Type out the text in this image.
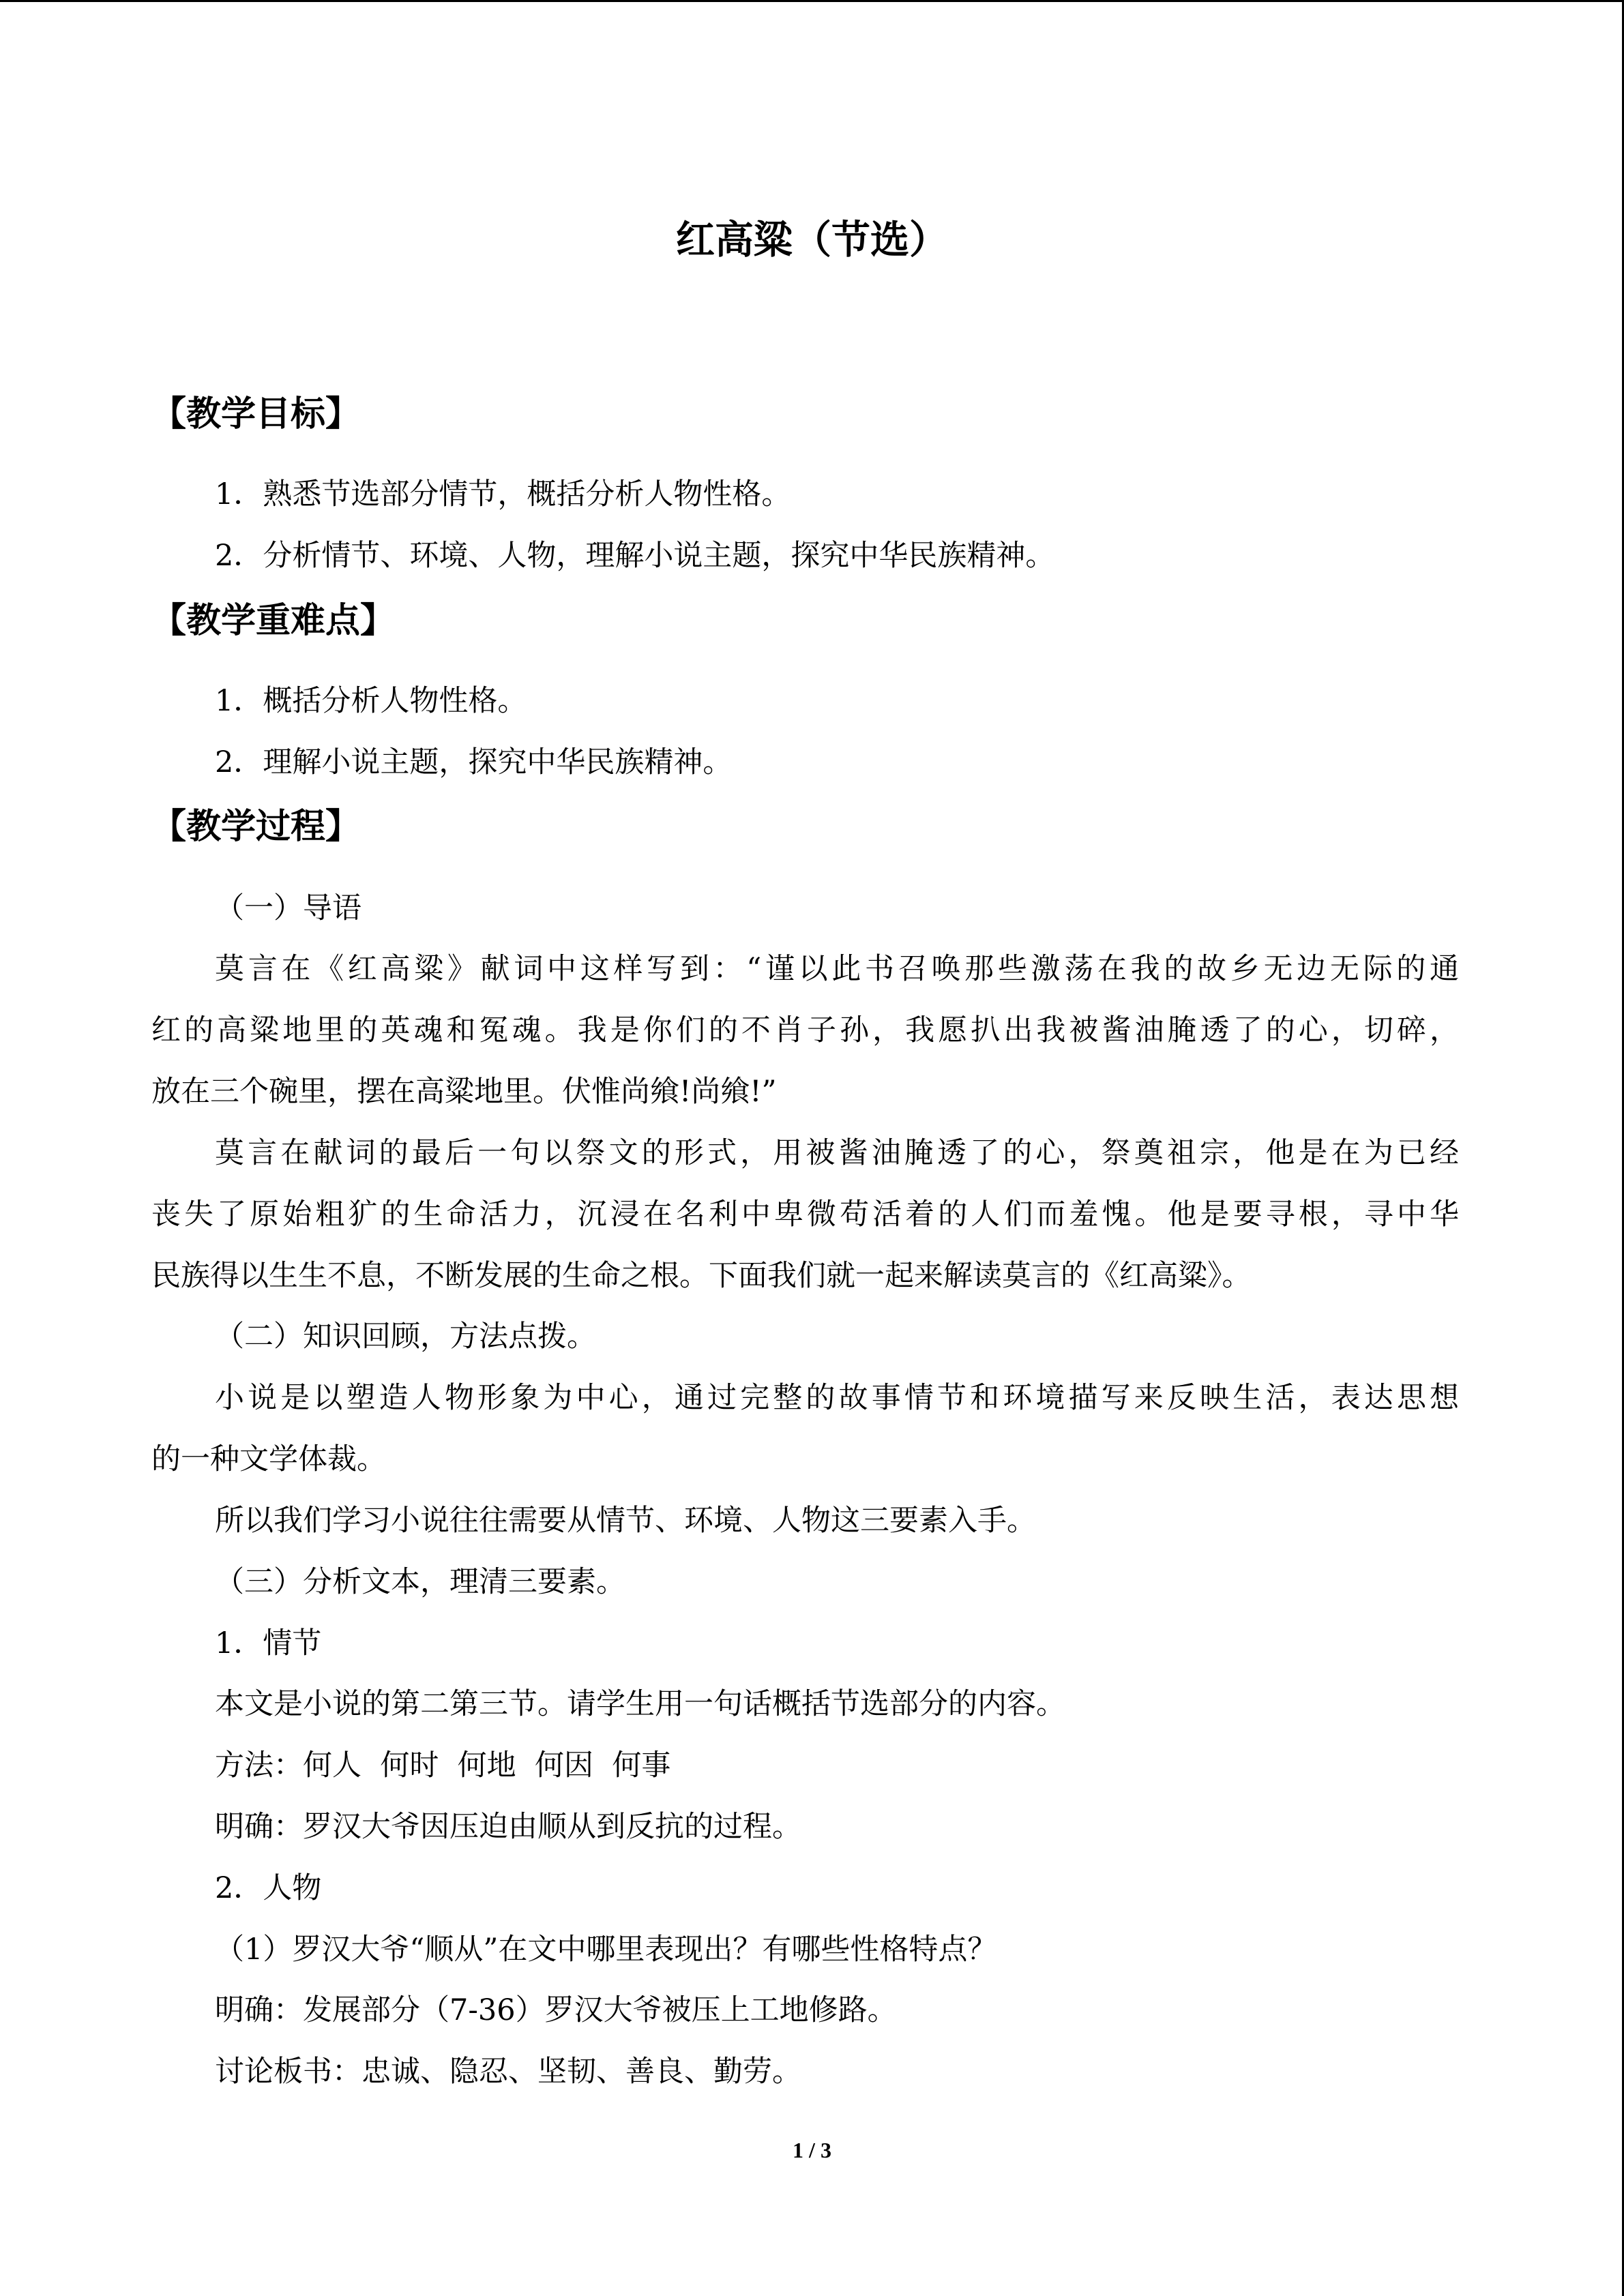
红高粱（节选）
【教学目标】

1．熟悉节选部分情节，概括分析人物性格。

2．分析情节、环境、人物，理解小说主题，探究中华民族精神。

【教学重难点】

1．概括分析人物性格。

2．理解小说主题，探究中华民族精神。

【教学过程】

（一）导语

莫言在《红高粱》献词中这样写到：“谨以此书召唤那些激荡在我的故乡无边无际的通

红的高粱地里的英魂和冤魂。我是你们的不肖子孙，我愿扒出我被酱油腌透了的心，切碎，

放在三个碗里，摆在高粱地里。伏惟尚飨!尚飨!”

莫言在献词的最后一句以祭文的形式，用被酱油腌透了的心，祭奠祖宗，他是在为已经

丧失了原始粗犷的生命活力，沉浸在名利中卑微苟活着的人们而羞愧。他是要寻根，寻中华

民族得以生生不息，不断发展的生命之根。下面我们就一起来解读莫言的《红高粱》。

（二）知识回顾，方法点拨。

小说是以塑造人物形象为中心，通过完整的故事情节和环境描写来反映生活，表达思想

的一种文学体裁。

所以我们学习小说往往需要从情节、环境、人物这三要素入手。

（三）分析文本，理清三要素。

1．情节

本文是小说的第二第三节。请学生用一句话概括节选部分的内容。

方法：何人  何时  何地  何因  何事

明确：罗汉大爷因压迫由顺从到反抗的过程。

2．人物

（1）罗汉大爷“顺从”在文中哪里表现出？有哪些性格特点？

明确：发展部分（7-36）罗汉大爷被压上工地修路。

讨论板书：忠诚、隐忍、坚韧、善良、勤劳。

1 / 3
